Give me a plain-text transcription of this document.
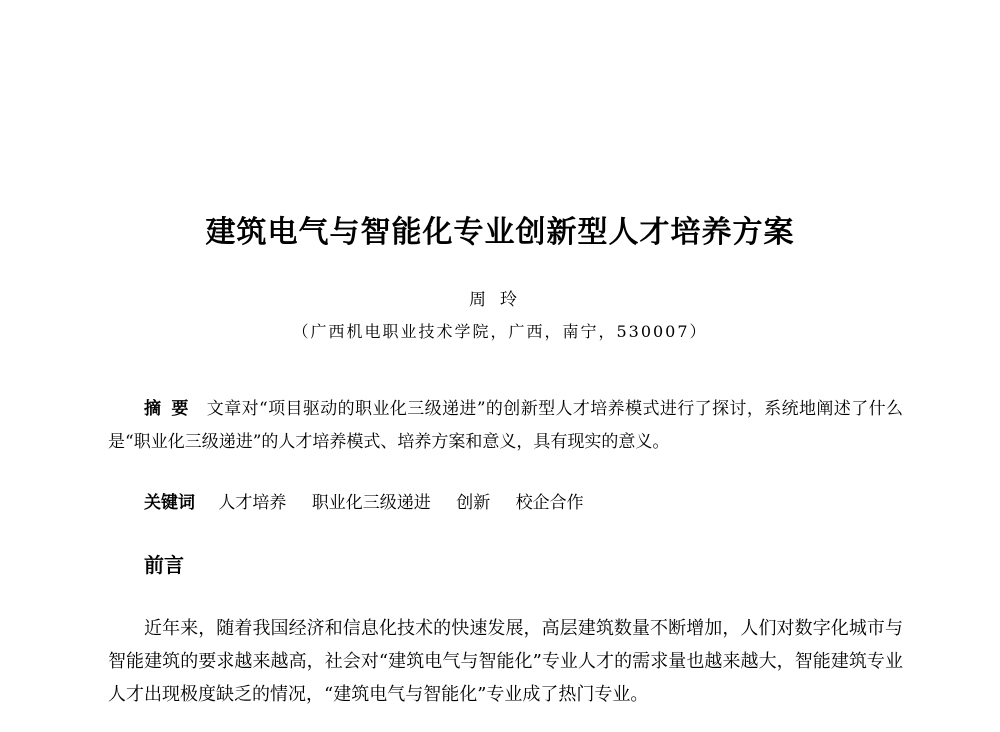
建筑电气与智能化专业创新型人才培养方案
周玲
（广西机电职业技术学院，广西，南宁，530007）

摘要 文章对“项目驱动的职业化三级递进”的创新型人才培养模式进行了探讨，系统地阐述了什么是“职业化三级递进”的人才培养模式、培养方案和意义，具有现实的意义。

关键词 人才培养 职业化三级递进 创新 校企合作
前言

近年来，随着我国经济和信息化技术的快速发展，高层建筑数量不断增加，人们对数字化城市与智能建筑的要求越来越高，社会对“建筑电气与智能化”专业人才的需求量也越来越大，智能建筑专业人才出现极度缺乏的情况，“建筑电气与智能化”专业成了热门专业。
